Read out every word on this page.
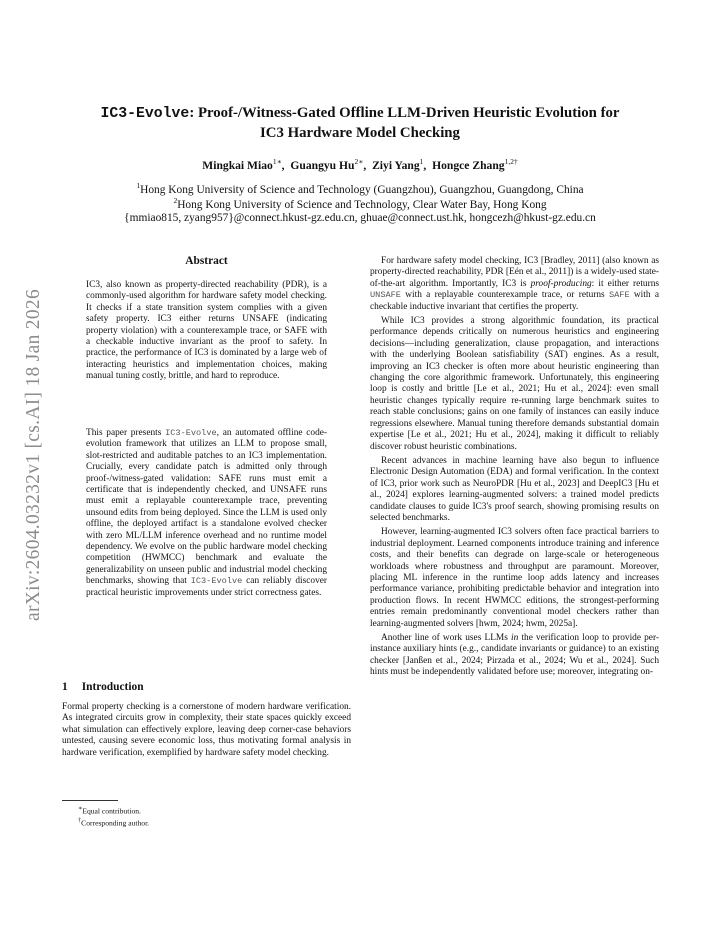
arXiv:2604.03232v1 [cs.AI] 18 Jan 2026
IC3-Evolve: Proof-/Witness-Gated Offline LLM-Driven Heuristic Evolution for
IC3 Hardware Model Checking
Mingkai Miao$^{1∗}$,  Guangyu $Hu^{2∗}$,  Ziyi Yang$^1$,  Hongce Zhang$^{1,2\dagger}$
$^1$Hong Kong University of Science and Technology (Guangzhou), Guangzhou, Guangdong, China
$^2$Hong Kong University of Science and Technology, Clear Water Bay, Hong Kong
{mmiao815, zyang957}@connect.hkust-gz.edu.cn, ghuae@connect.ust.hk, hongcezh@hkust-gz.edu.cn
Abstract

IC3, also known as property-directed reachability (PDR), is a commonly-used algorithm for hardware safety model checking. It checks if a state transition system complies with a given safety property. IC3 either returns UNSAFE (indicating property violation) with a counterexample trace, or SAFE with a checkable inductive invariant as the proof to safety. In practice, the performance of IC3 is dominated by a large web of interacting heuristics and implementation choices, making manual tuning costly, brittle, and hard to reproduce.

This paper presents IC3-Evolve, an automated offline code-evolution framework that utilizes an LLM to propose small, slot-restricted and auditable patches to an IC3 implementation. Crucially, every candidate patch is admitted only through proof-/witness-gated validation: SAFE runs must emit a certificate that is independently checked, and UNSAFE runs must emit a replayable counterexample trace, preventing unsound edits from being deployed. Since the LLM is used only offline, the deployed artifact is a standalone evolved checker with zero ML/LLM inference overhead and no runtime model dependency. We evolve on the public hardware model checking competition (HWMCC) benchmark and evaluate the generalizability on unseen public and industrial model checking benchmarks, showing that IC3-Evolve can reliably discover practical heuristic improvements under strict correctness gates.

1 Introduction

Formal property checking is a cornerstone of modern hardware verification. As integrated circuits grow in complexity, their state spaces quickly exceed what simulation can effectively explore, leaving deep corner-case behaviors untested, causing severe economic loss, thus motivating formal analysis in hardware verification, exemplified by hardware safety model checking.

∗Equal contribution.
†Corresponding author.

For hardware safety model checking, IC3 [Bradley, 2011] (also known as property-directed reachability, PDR [Eén et al., 2011]) is a widely-used state-of-the-art algorithm. Importantly, IC3 is proof-producing: it either returns UNSAFE with a replayable counterexample trace, or returns SAFE with a checkable inductive invariant that certifies the property.

While IC3 provides a strong algorithmic foundation, its practical performance depends critically on numerous heuristics and engineering decisions—including generalization, clause propagation, and interactions with the underlying Boolean satisfiability (SAT) engines. As a result, improving an IC3 checker is often more about heuristic engineering than changing the core algorithmic framework. Unfortunately, this engineering loop is costly and brittle [Le et al., 2021; Hu et al., 2024]: even small heuristic changes typically require re-running large benchmark suites to reach stable conclusions; gains on one family of instances can easily induce regressions elsewhere. Manual tuning therefore demands substantial domain expertise [Le et al., 2021; Hu et al., 2024], making it difficult to reliably discover robust heuristic combinations.

Recent advances in machine learning have also begun to influence Electronic Design Automation (EDA) and formal verification. In the context of IC3, prior work such as NeuroPDR [Hu et al., 2023] and DeepIC3 [Hu et al., 2024] explores learning-augmented solvers: a trained model predicts candidate clauses to guide IC3's proof search, showing promising results on selected benchmarks.

However, learning-augmented IC3 solvers often face practical barriers to industrial deployment. Learned components introduce training and inference costs, and their benefits can degrade on large-scale or heterogeneous workloads where robustness and throughput are paramount. Moreover, placing ML inference in the runtime loop adds latency and increases performance variance, prohibiting predictable behavior and integration into production flows. In recent HWMCC editions, the strongest-performing entries remain predominantly conventional model checkers rather than learning-augmented solvers [hwm, 2024; hwm, 2025a].

Another line of work uses LLMs in the verification loop to provide per-instance auxiliary hints (e.g., candidate invariants or guidance) to an existing checker [Janßen et al., 2024; Pirzada et al., 2024; Wu et al., 2024]. Such hints must be independently validated before use; moreover, integrating on-
